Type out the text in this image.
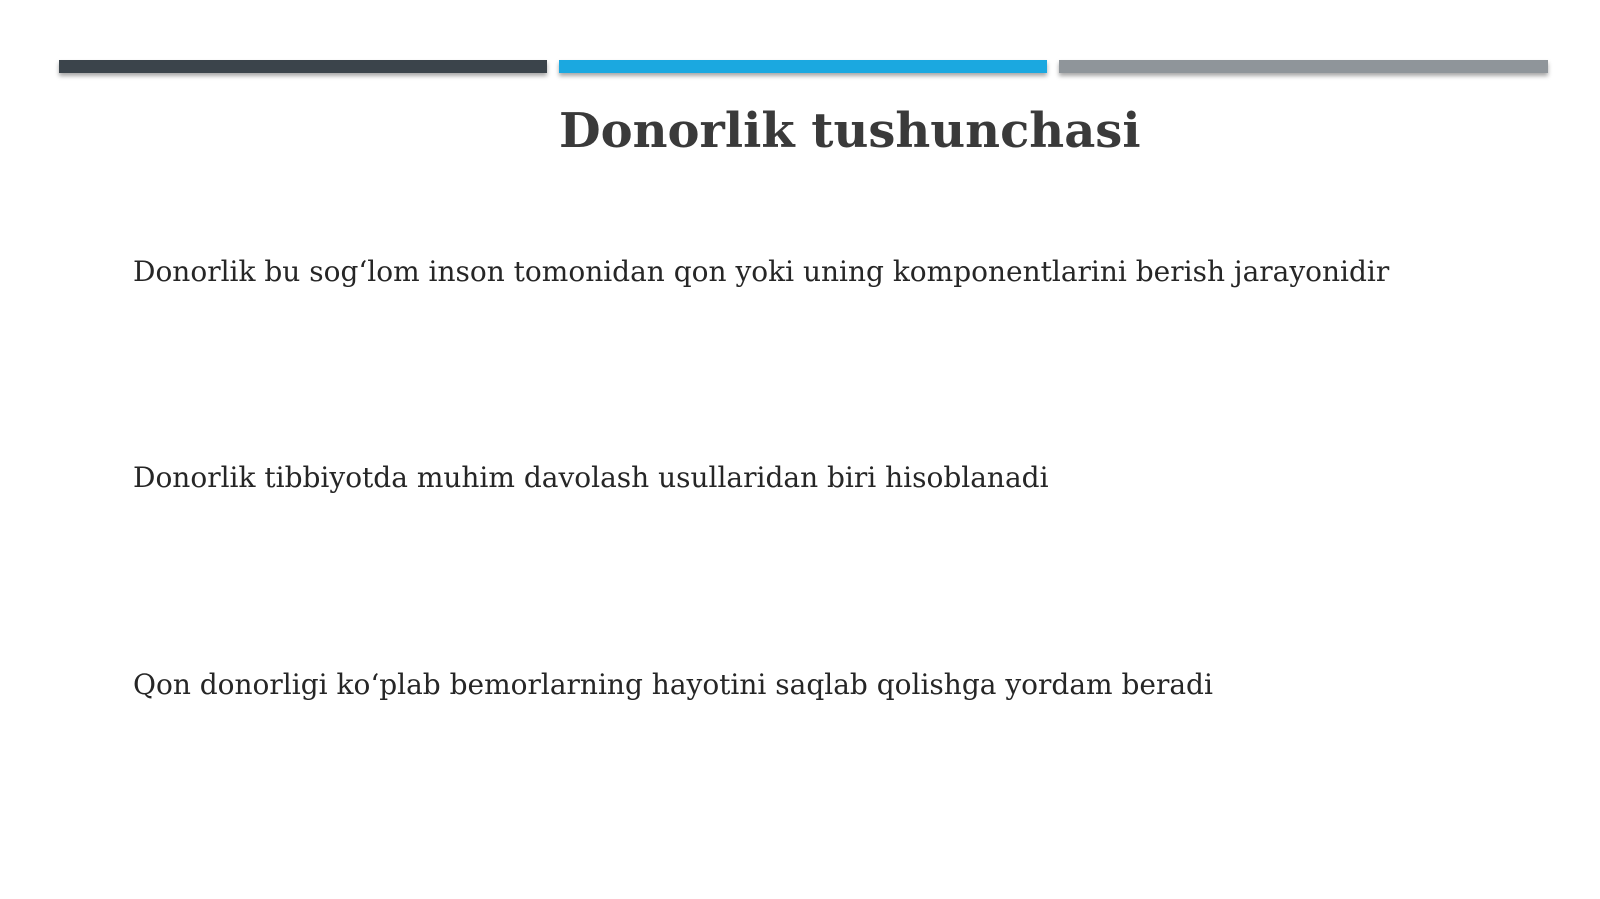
Donorlik tushunchasi

Donorlik bu sog‘lom inson tomonidan qon yoki uning komponentlarini berish jarayonidir

Donorlik tibbiyotda muhim davolash usullaridan biri hisoblanadi

Qon donorligi ko‘plab bemorlarning hayotini saqlab qolishga yordam beradi
